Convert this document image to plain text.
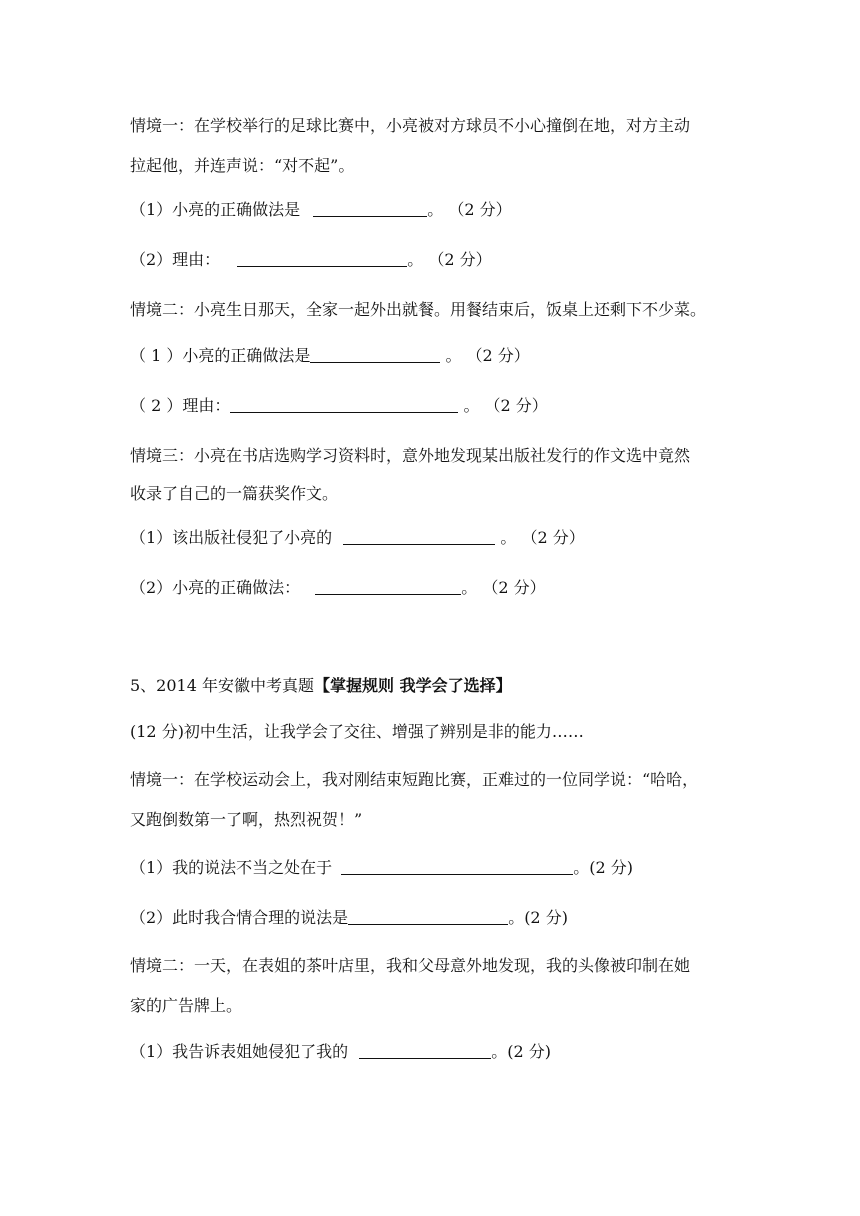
情境一：在学校举行的足球比赛中，小亮被对方球员不小心撞倒在地，对方主动
拉起他，并连声说：“对不起”。
（1）小亮的正确做法是	。 （2 分）
（2）理由：	。 （2 分）
情境二：小亮生日那天，全家一起外出就餐。用餐结束后，饭桌上还剩下不少菜。
（ 1 ）小亮的正确做法是	。 （2 分）
（ 2 ）理由：	。 （2 分）
情境三：小亮在书店选购学习资料时，意外地发现某出版社发行的作文选中竟然
收录了自己的一篇获奖作文。
（1）该出版社侵犯了小亮的	。 （2 分）
（2）小亮的正确做法：	。 （2 分）
5、2014 年安徽中考真题【掌握规则 我学会了选择】
(12 分)初中生活，让我学会了交往、增强了辨别是非的能力……
情境一：在学校运动会上，我对刚结束短跑比赛，正难过的一位同学说：“哈哈，
又跑倒数第一了啊，热烈祝贺！”
（1）我的说法不当之处在于	。(2 分)
（2）此时我合情合理的说法是	。(2 分)
情境二：一天，在表姐的茶叶店里，我和父母意外地发现，我的头像被印制在她
家的广告牌上。
（1）我告诉表姐她侵犯了我的	。(2 分)
